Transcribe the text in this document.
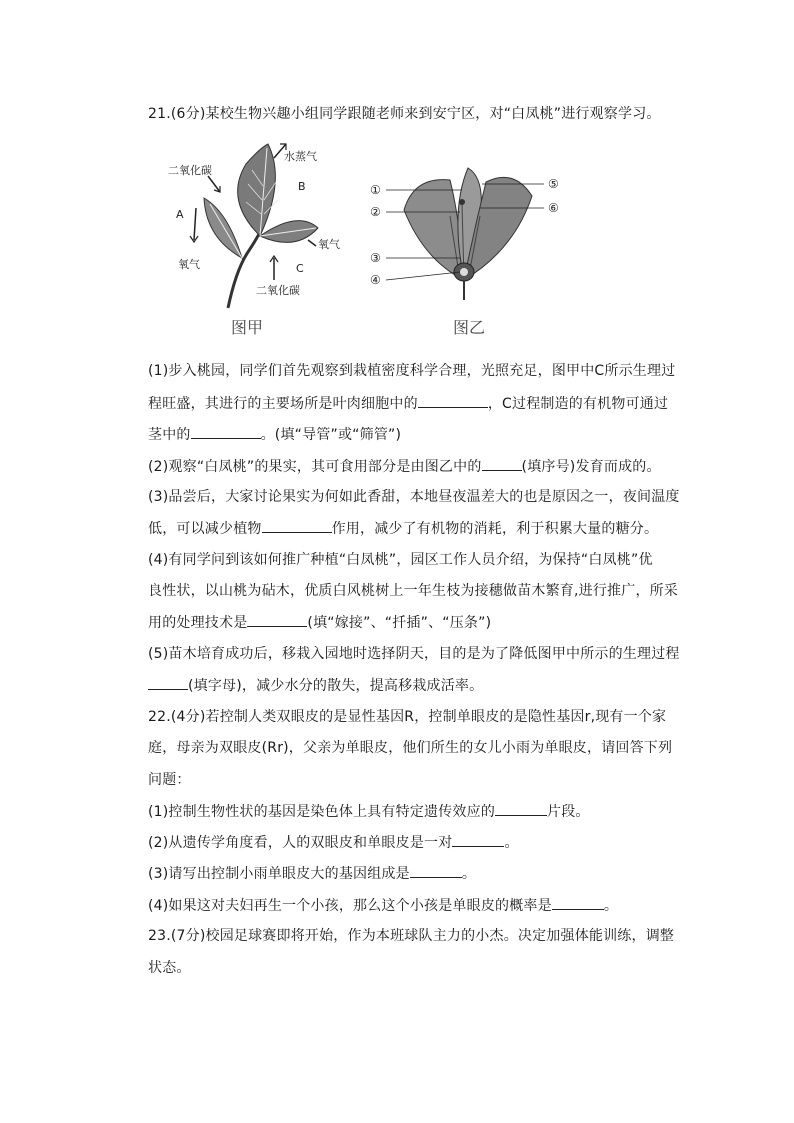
21.(6分)某校生物兴趣小组同学跟随老师来到安宁区，对“白凤桃”进行观察学习。
二氧化碳
水蒸气
A
B
C
氧气
氧气
二氧化碳
图甲
①
②
③
④
⑤
⑥
图乙
(1)步入桃园，同学们首先观察到栽植密度科学合理，光照充足，图甲中C所示生理过
程旺盛，其进行的主要场所是叶肉细胞中的	，C过程制造的有机物可通过
茎中的	。(填“导管”或“筛管”)
(2)观察“白凤桃”的果实，其可食用部分是由图乙中的	(填序号)发育而成的。
(3)品尝后，大家讨论果实为何如此香甜，本地昼夜温差大的也是原因之一，夜间温度
低，可以减少植物	作用，减少了有机物的消耗，利于积累大量的糖分。
(4)有同学问到该如何推广种植“白凤桃”，园区工作人员介绍，为保持“白凤桃”优
良性状，以山桃为砧木，优质白风桃树上一年生枝为接穗做苗木繁育,进行推广，所采
用的处理技术是	(填“嫁接”、“扦插”、“压条”)
(5)苗木培育成功后，移栽入园地时选择阴天，目的是为了降低图甲中所示的生理过程
(填字母)，减少水分的散失，提高移栽成活率。
22.(4分)若控制人类双眼皮的是显性基因R，控制单眼皮的是隐性基因r,现有一个家
庭，母亲为双眼皮(Rr)，父亲为单眼皮，他们所生的女儿小雨为单眼皮，请回答下列
问题：
(1)控制生物性状的基因是染色体上具有特定遗传效应的	片段。
(2)从遗传学角度看，人的双眼皮和单眼皮是一对	。
(3)请写出控制小雨单眼皮大的基因组成是	。
(4)如果这对夫妇再生一个小孩，那么这个小孩是单眼皮的概率是	。
23.(7分)校园足球赛即将开始，作为本班球队主力的小杰。决定加强体能训练，调整
状态。
